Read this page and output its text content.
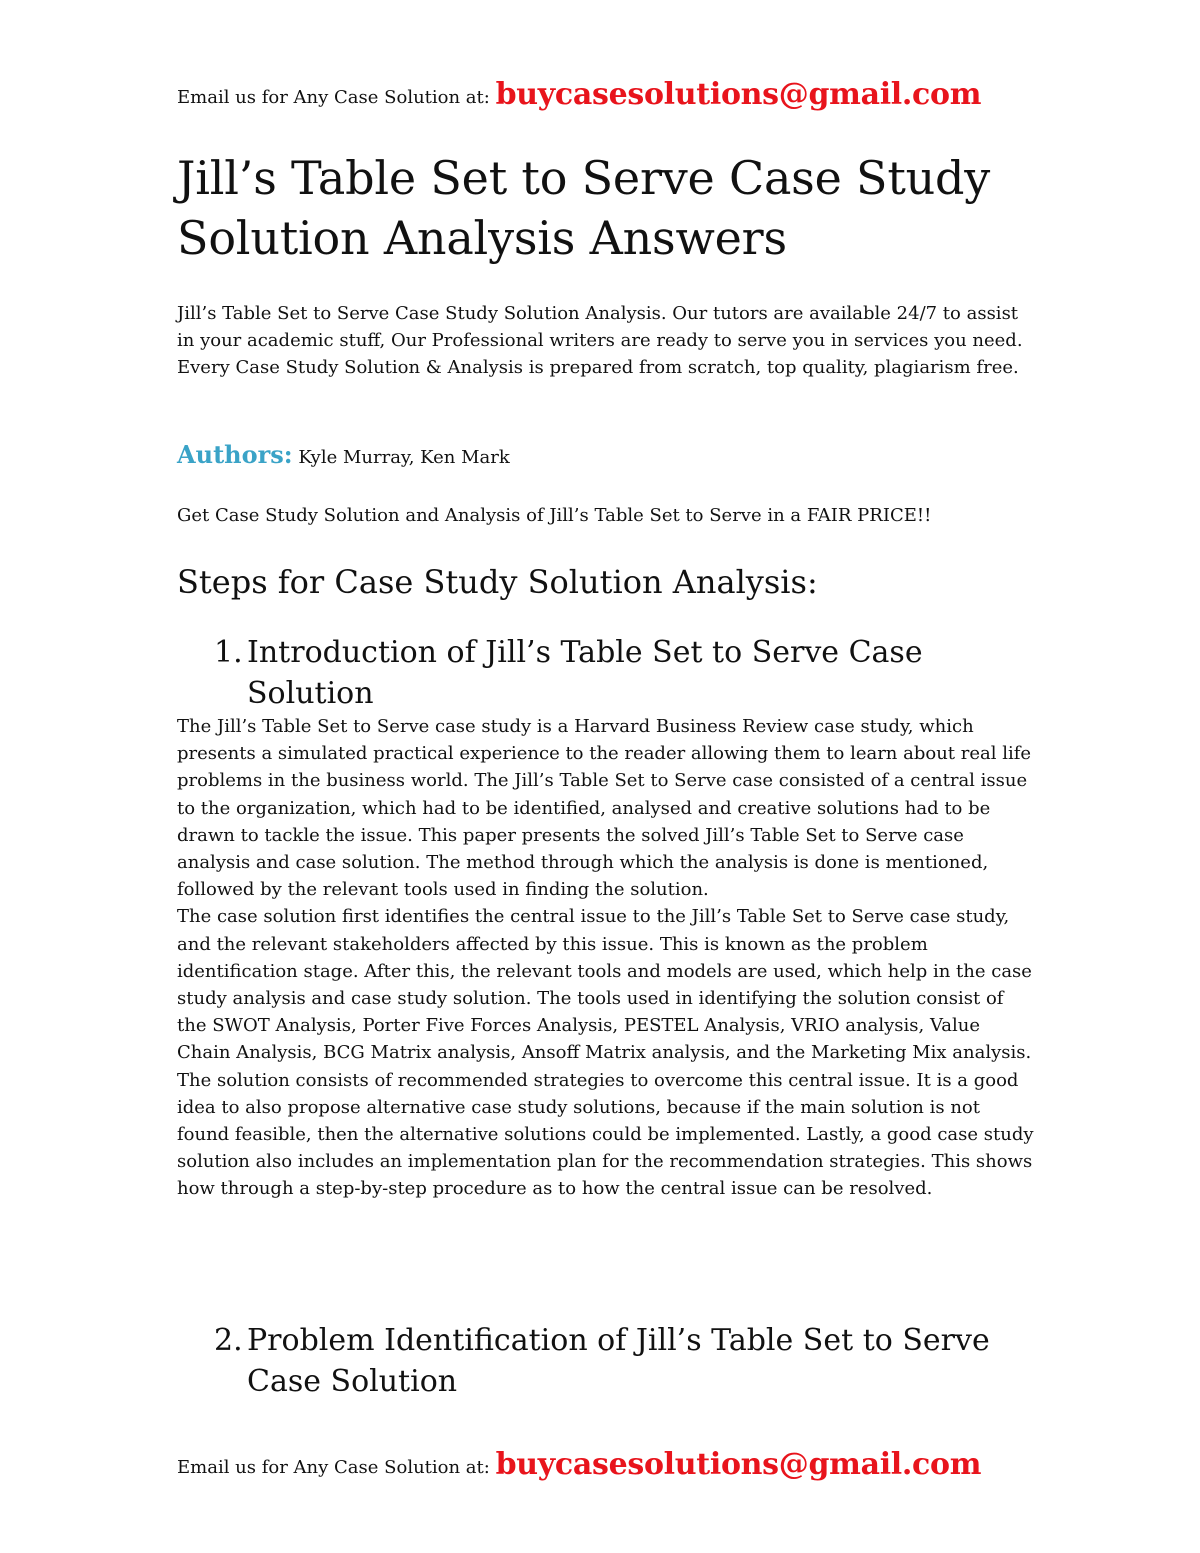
Email us for Any Case Solution at: buycasesolutions@gmail.com
Jill’s Table Set to Serve Case Study Solution Analysis Answers

Jill’s Table Set to Serve Case Study Solution Analysis. Our tutors are available 24/7 to assist in your academic stuff, Our Professional writers are ready to serve you in services you need. Every Case Study Solution & Analysis is prepared from scratch, top quality, plagiarism free.

Authors: Kyle Murray, Ken Mark

Get Case Study Solution and Analysis of Jill’s Table Set to Serve in a FAIR PRICE!!

Steps for Case Study Solution Analysis:
1. Introduction of Jill’s Table Set to Serve Case Solution

The Jill’s Table Set to Serve case study is a Harvard Business Review case study, which presents a simulated practical experience to the reader allowing them to learn about real life problems in the business world. The Jill’s Table Set to Serve case consisted of a central issue to the organization, which had to be identified, analysed and creative solutions had to be drawn to tackle the issue. This paper presents the solved Jill’s Table Set to Serve case analysis and case solution. The method through which the analysis is done is mentioned, followed by the relevant tools used in finding the solution.

The case solution first identifies the central issue to the Jill’s Table Set to Serve case study, and the relevant stakeholders affected by this issue. This is known as the problem identification stage. After this, the relevant tools and models are used, which help in the case study analysis and case study solution. The tools used in identifying the solution consist of the SWOT Analysis, Porter Five Forces Analysis, PESTEL Analysis, VRIO analysis, Value Chain Analysis, BCG Matrix analysis, Ansoff Matrix analysis, and the Marketing Mix analysis. The solution consists of recommended strategies to overcome this central issue. It is a good idea to also propose alternative case study solutions, because if the main solution is not found feasible, then the alternative solutions could be implemented. Lastly, a good case study solution also includes an implementation plan for the recommendation strategies. This shows how through a step-by-step procedure as to how the central issue can be resolved.

2. Problem Identification of Jill’s Table Set to Serve Case Solution
Email us for Any Case Solution at: buycasesolutions@gmail.com
